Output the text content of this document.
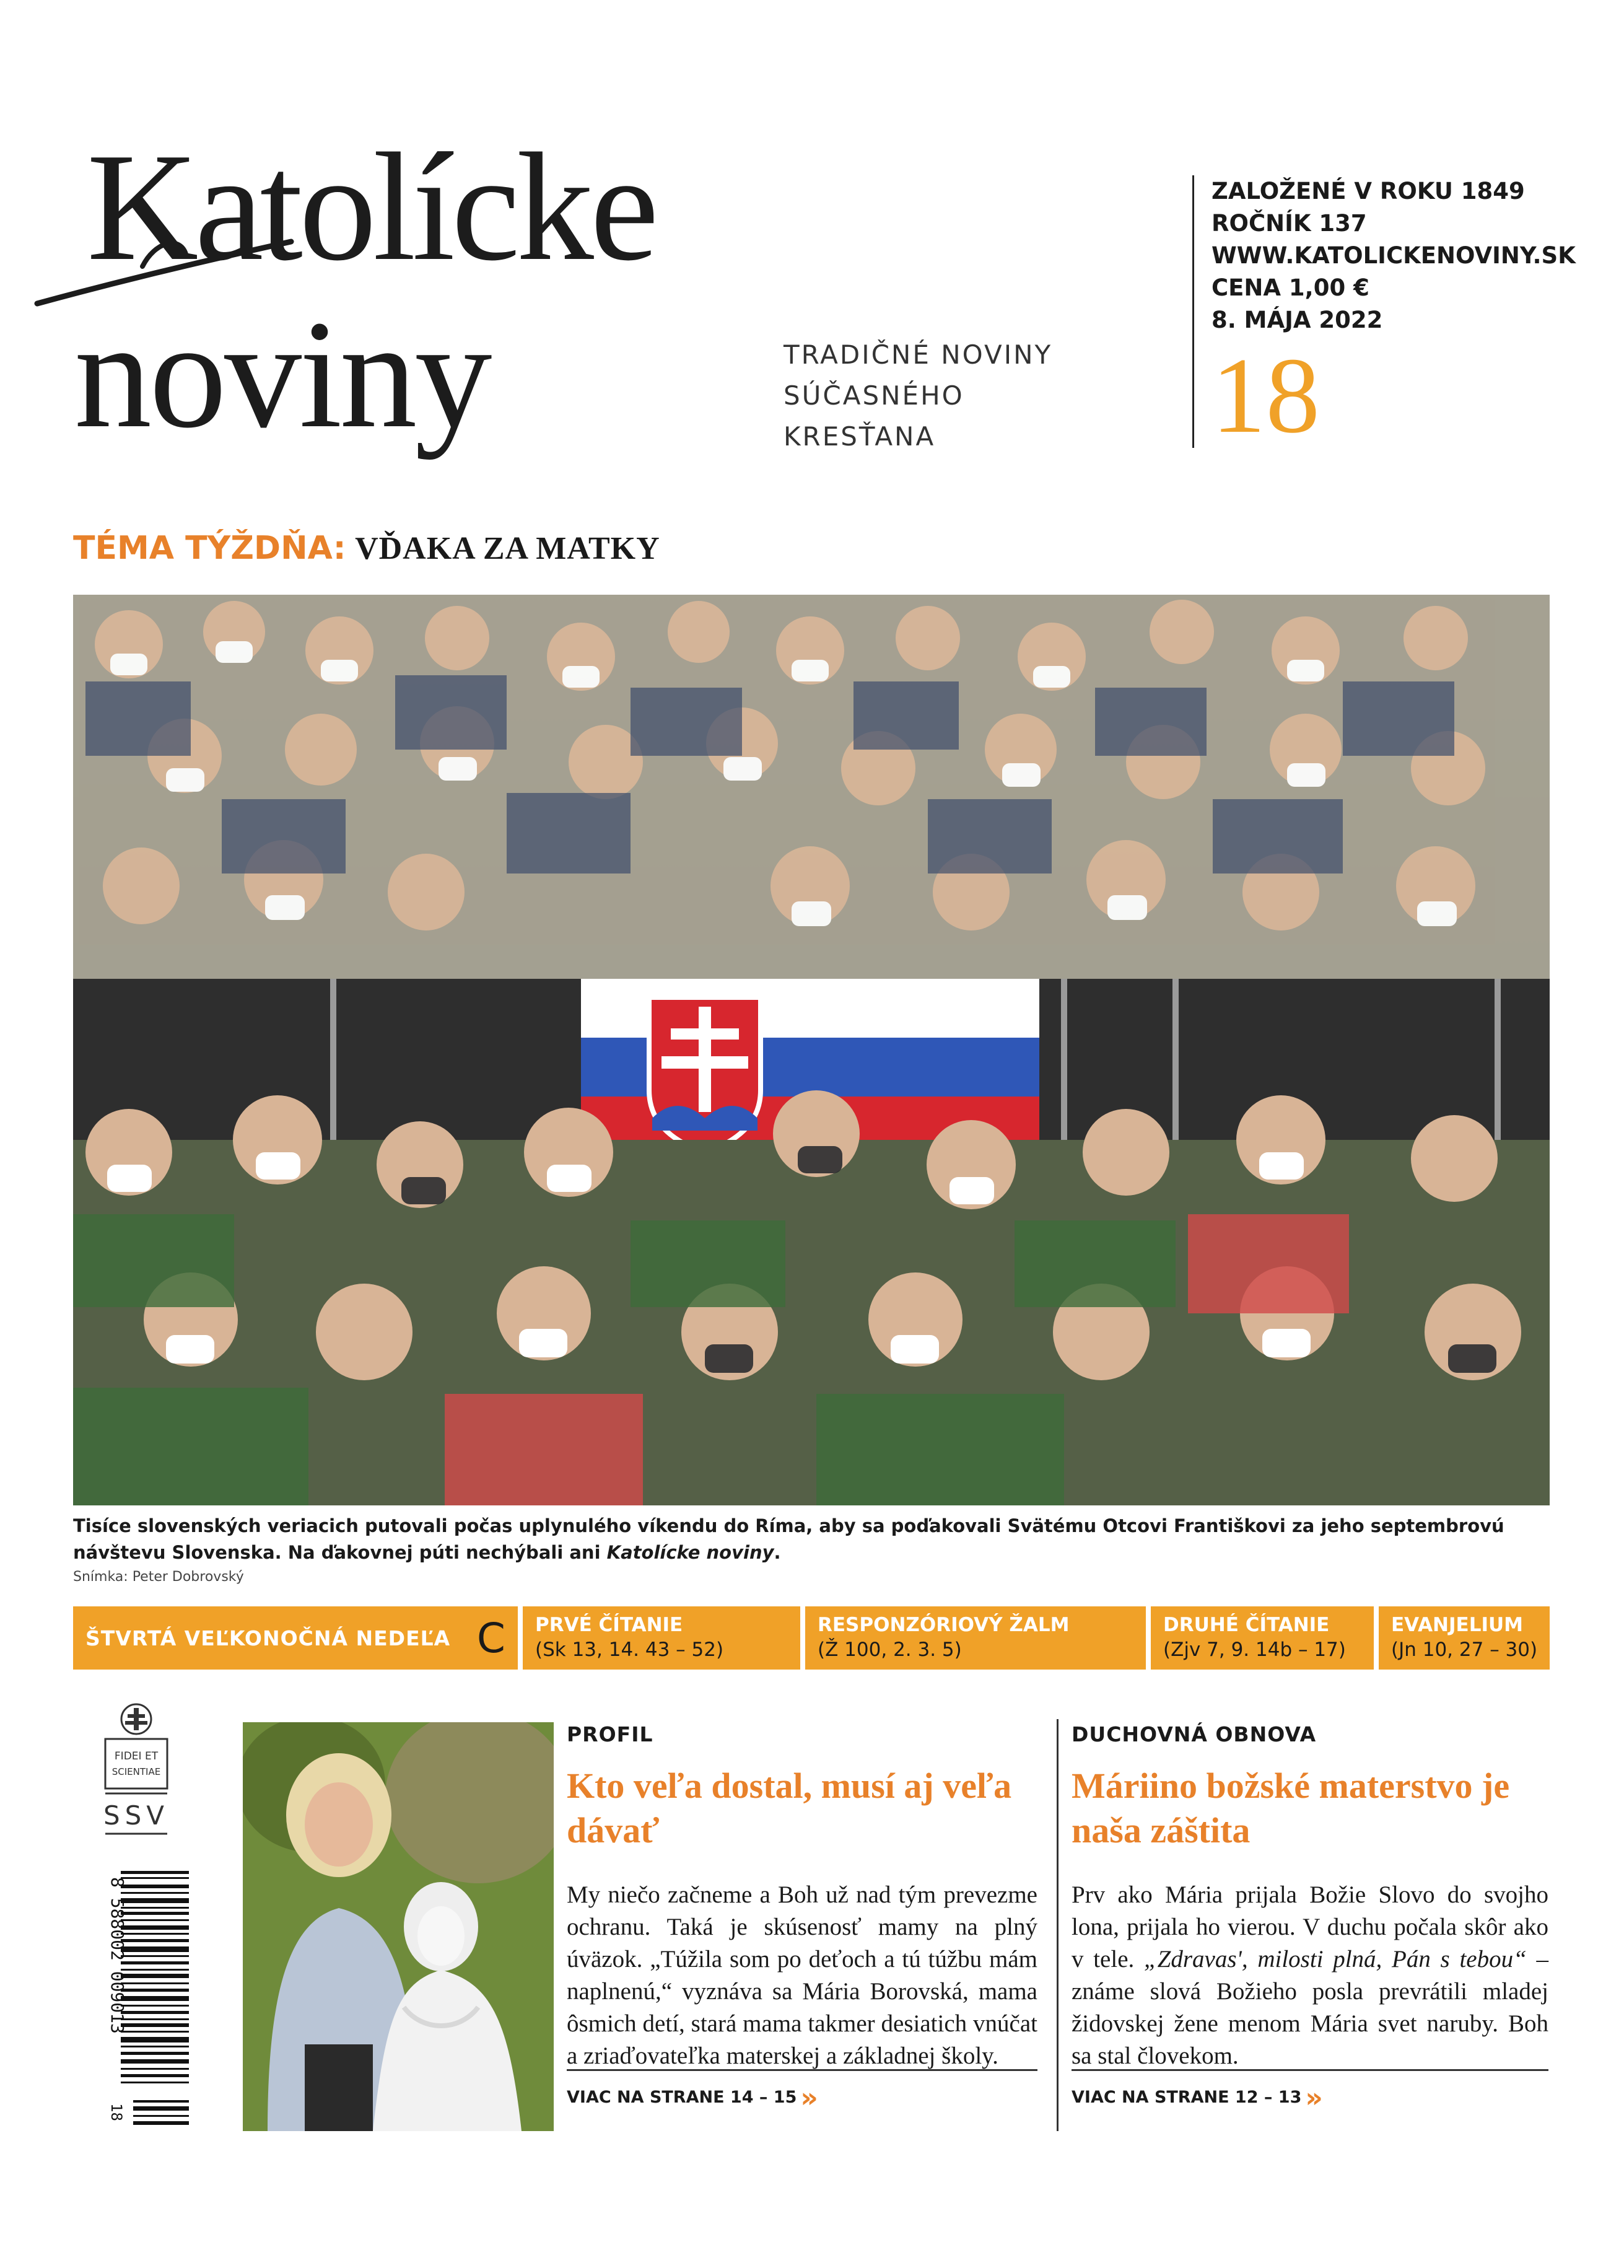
Katolícke
noviny	TRADIČNÉ NOVINY
SÚČASNÉHO
KRESŤANA
ZALOŽENÉ V ROKU 1849
ROČNÍK 137
WWW.KATOLICKENOVINY.SK
CENA 1,00 €
8. MÁJA 2022
18
TÉMA TÝŽDŇA: VĎAKA ZA MATKY
Tisíce slovenských veriacich putovali počas uplynulého víkendu do Ríma, aby sa poďakovali Svätému Otcovi Františkovi za jeho septembrovú návštevu Slovenska. Na ďakovnej púti nechýbali ani Katolícke noviny.
Snímka: Peter Dobrovský
ŠTVRTÁ VEĽKONOČNÁ NEDEĽA C PRVÉ ČÍTANIE
(Sk 13, 14. 43 – 52)
RESPONZÓRIOVÝ ŽALM
(Ž 100, 2. 3. 5)
DRUHÉ ČÍTANIE
(Zjv 7, 9. 14b – 17)
EVANJELIUM
(Jn 10, 27 – 30)
FIDEI ET
SCIENTIAE
SSV
8 588002 009013
18
PROFIL
Kto veľa dostal, musí aj veľa dávať
My niečo začneme a Boh už nad tým prevezme ochranu. Taká je skúsenosť mamy na plný úväzok. „Túžila som po deťoch a tú túžbu mám naplnenú,“ vyznáva sa Mária Borovská, mama ôsmich detí, stará mama takmer desiatich vnúčat a zriaďovateľka materskej a základnej školy.
VIAC NA STRANE 14 – 15 »
DUCHOVNÁ OBNOVA
Máriino božské materstvo je naša záštita
Prv ako Mária prijala Božie Slovo do svojho lona, prijala ho vierou. V duchu počala skôr ako v tele. „Zdravas', milosti plná, Pán s tebou“ – známe slová Božieho posla prevrátili mladej židovskej žene menom Mária svet naruby. Boh sa stal človekom.
VIAC NA STRANE 12 – 13 »
